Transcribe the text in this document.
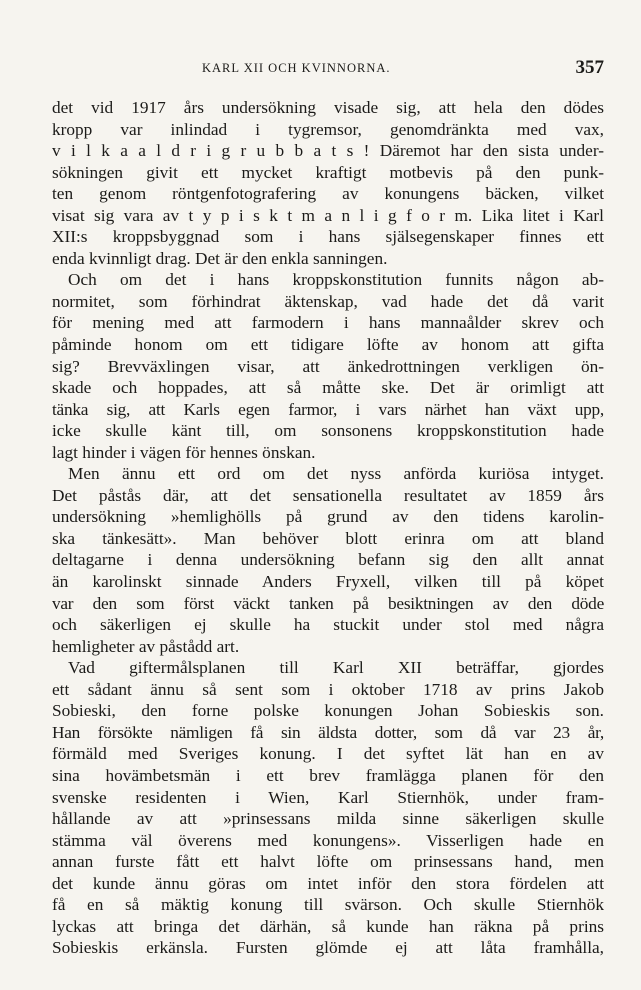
KARL XII OCH KVINNORNA.	357
det vid 1917 års undersökning visade sig, att hela den dödes
kropp var inlindad i tygremsor, genomdränkta med vax,
v i l k a a l d r i g r u b b a t s ! Däremot har den sista under-
sökningen givit ett mycket kraftigt motbevis på den punk-
ten genom röntgenfotografering av konungens bäcken, vilket
visat sig vara av t y p i s k t m a n l i g f o r m. Lika litet i Karl
XII:s kroppsbyggnad som i hans själsegenskaper finnes ett
enda kvinnligt drag. Det är den enkla sanningen.
Och om det i hans kroppskonstitution funnits någon ab-
normitet, som förhindrat äktenskap, vad hade det då varit
för mening med att farmodern i hans mannaålder skrev och
påminde honom om ett tidigare löfte av honom att gifta
sig? Brevväxlingen visar, att änkedrottningen verkligen ön-
skade och hoppades, att så måtte ske. Det är orimligt att
tänka sig, att Karls egen farmor, i vars närhet han växt upp,
icke skulle känt till, om sonsonens kroppskonstitution hade
lagt hinder i vägen för hennes önskan.
Men ännu ett ord om det nyss anförda kuriösa intyget.
Det påstås där, att det sensationella resultatet av 1859 års
undersökning »hemlighölls på grund av den tidens karolin-
ska tänkesätt». Man behöver blott erinra om att bland
deltagarne i denna undersökning befann sig den allt annat
än karolinskt sinnade Anders Fryxell, vilken till på köpet
var den som först väckt tanken på besiktningen av den döde
och säkerligen ej skulle ha stuckit under stol med några
hemligheter av påstådd art.
Vad giftermålsplanen till Karl XII beträffar, gjordes
ett sådant ännu så sent som i oktober 1718 av prins Jakob
Sobieski, den forne polske konungen Johan Sobieskis son.
Han försökte nämligen få sin äldsta dotter, som då var 23 år,
förmäld med Sveriges konung. I det syftet lät han en av
sina hovämbetsmän i ett brev framlägga planen för den
svenske residenten i Wien, Karl Stiernhök, under fram-
hållande av att »prinsessans milda sinne säkerligen skulle
stämma väl överens med konungens». Visserligen hade en
annan furste fått ett halvt löfte om prinsessans hand, men
det kunde ännu göras om intet inför den stora fördelen att
få en så mäktig konung till svärson. Och skulle Stiernhök
lyckas att bringa det därhän, så kunde han räkna på prins
Sobieskis erkänsla. Fursten glömde ej att låta framhålla,
